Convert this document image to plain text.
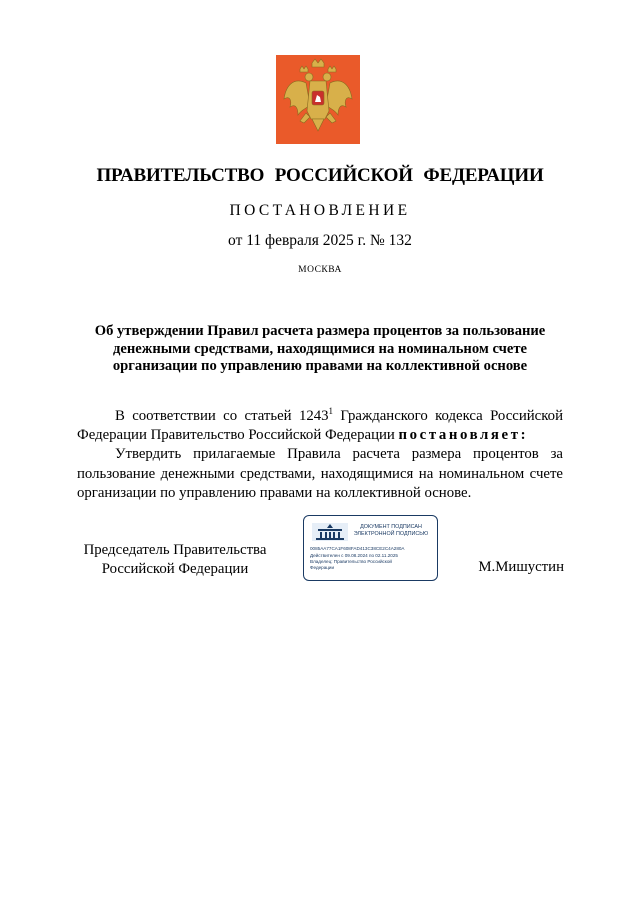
ПРАВИТЕЛЬСТВО РОССИЙСКОЙ ФЕДЕРАЦИИ
ПОСТАНОВЛЕНИЕ
от 11 февраля 2025 г. № 132
МОСКВА
Об утверждении Правил расчета размера процентов за пользование
денежными средствами, находящимися на номинальном счете
организации по управлению правами на коллективной основе

В соответствии со статьей 1243$^1$ Гражданского кодекса Российской Федерации Правительство Российской Федерации постановляет:

Утвердить прилагаемые Правила расчета размера процентов за пользование денежными средствами, находящимися на номинальном счете организации по управлению правами на коллективной основе.

Председатель Правительства
Российской Федерации
ДОКУМЕНТ ПОДПИСАН
ЭЛЕКТРОННОЙ ПОДПИСЬЮ
0085AA77CA1F608FAD413C38CE2C4A280A
Действителен с 09.08.2024 по 02.11.2025
Владелец: Правительство Российской
Федерации	М.Мишустин
